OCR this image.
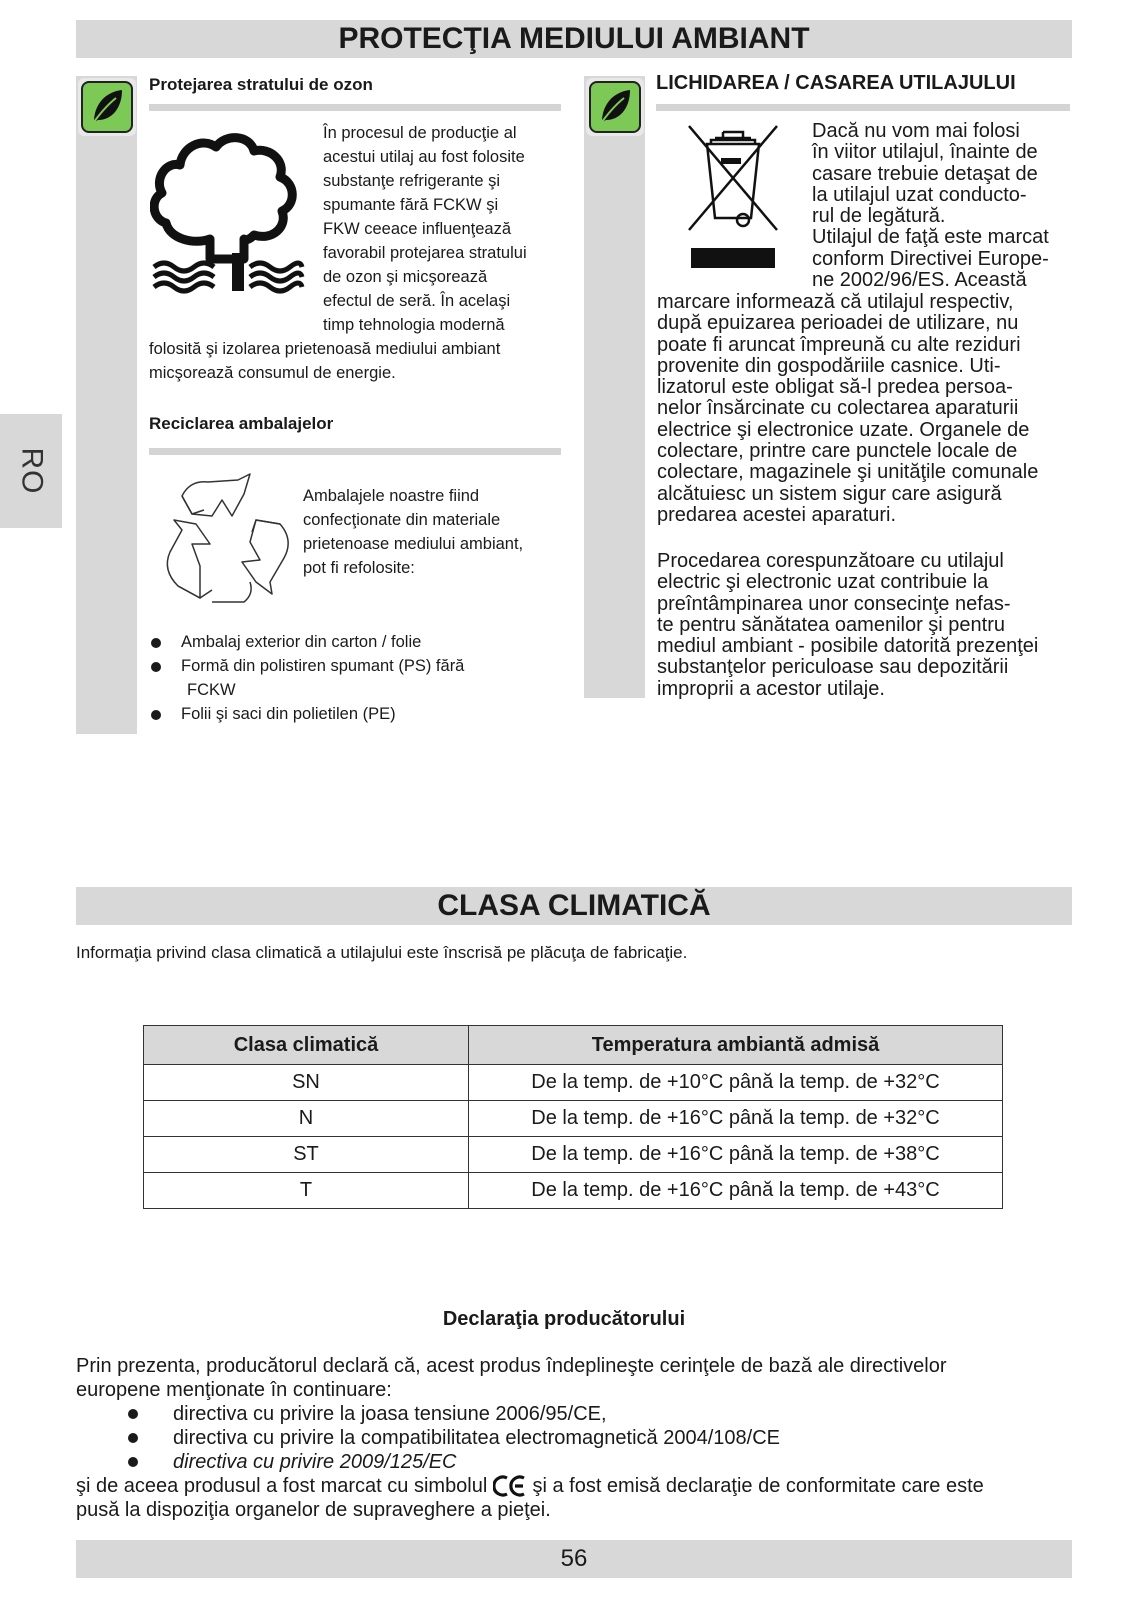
PROTECŢIA MEDIULUI AMBIANT
RO
Protejarea stratului de ozon
În procesul de producţie al
acestui utilaj au fost folosite
substanţe refrigerante şi
spumante fără FCKW şi
FKW ceeace influenţează
favorabil protejarea stratului
de ozon şi micşorează
efectul de seră. În acelaşi
timp tehnologia modernă
folosită şi izolarea prietenoasă mediului ambiant
micşorează consumul de energie.
Reciclarea ambalajelor
Ambalajele noastre fiind
confecţionate din materiale
prietenoase mediului ambiant,
pot fi refolosite:
Ambalaj exterior din carton / folie
Formă din polistiren spumant (PS) fără
FCKW
Folii şi saci din polietilen (PE)
LICHIDAREA / CASAREA UTILAJULUI
Dacă nu vom mai folosi
în viitor utilajul, înainte de
casare trebuie detaşat de
la utilajul uzat conducto-
rul de legătură.
Utilajul de faţă este marcat
conform Directivei Europe-
ne 2002/96/ES. Această
marcare informează că utilajul respectiv,
după epuizarea perioadei de utilizare, nu
poate fi aruncat împreună cu alte reziduri
provenite din gospodăriile casnice. Uti-
lizatorul este obligat să-l predea persoa-
nelor însărcinate cu colectarea aparaturii
electrice şi electronice uzate. Organele de
colectare, printre care punctele locale de
colectare, magazinele şi unităţile comunale
alcătuiesc un sistem sigur care asigură
predarea acestei aparaturi.
Procedarea corespunzătoare cu utilajul
electric şi electronic uzat contribuie la
preîntâmpinarea unor consecinţe nefas-
te pentru sănătatea oamenilor şi pentru
mediul ambiant - posibile datorită prezenţei
substanţelor periculoase sau depozitării
improprii a acestor utilaje.
CLASA CLIMATICĂ
Informaţia privind clasa climatică a utilajului este înscrisă pe plăcuţa de fabricaţie.
Clasa climatică	Temperatura ambiantă admisă
SN	De la temp. de +10°C până la temp. de +32°C
N	De la temp. de +16°C până la temp. de +32°C
ST	De la temp. de +16°C până la temp. de +38°C
T	De la temp. de +16°C până la temp. de +43°C
Declaraţia producătorului
Prin prezenta, producătorul declară că, acest produs îndeplineşte cerinţele de bază ale directivelor
europene menţionate în continuare:
directiva cu privire la joasa tensiune 2006/95/CE,
directiva cu privire la compatibilitatea electromagnetică 2004/108/CE
directiva cu privire 2009/125/EC
şi de aceea produsul a fost marcat cu simbolul şi a fost emisă declaraţie de conformitate care este
pusă la dispoziţia organelor de supraveghere a pieţei.
56
